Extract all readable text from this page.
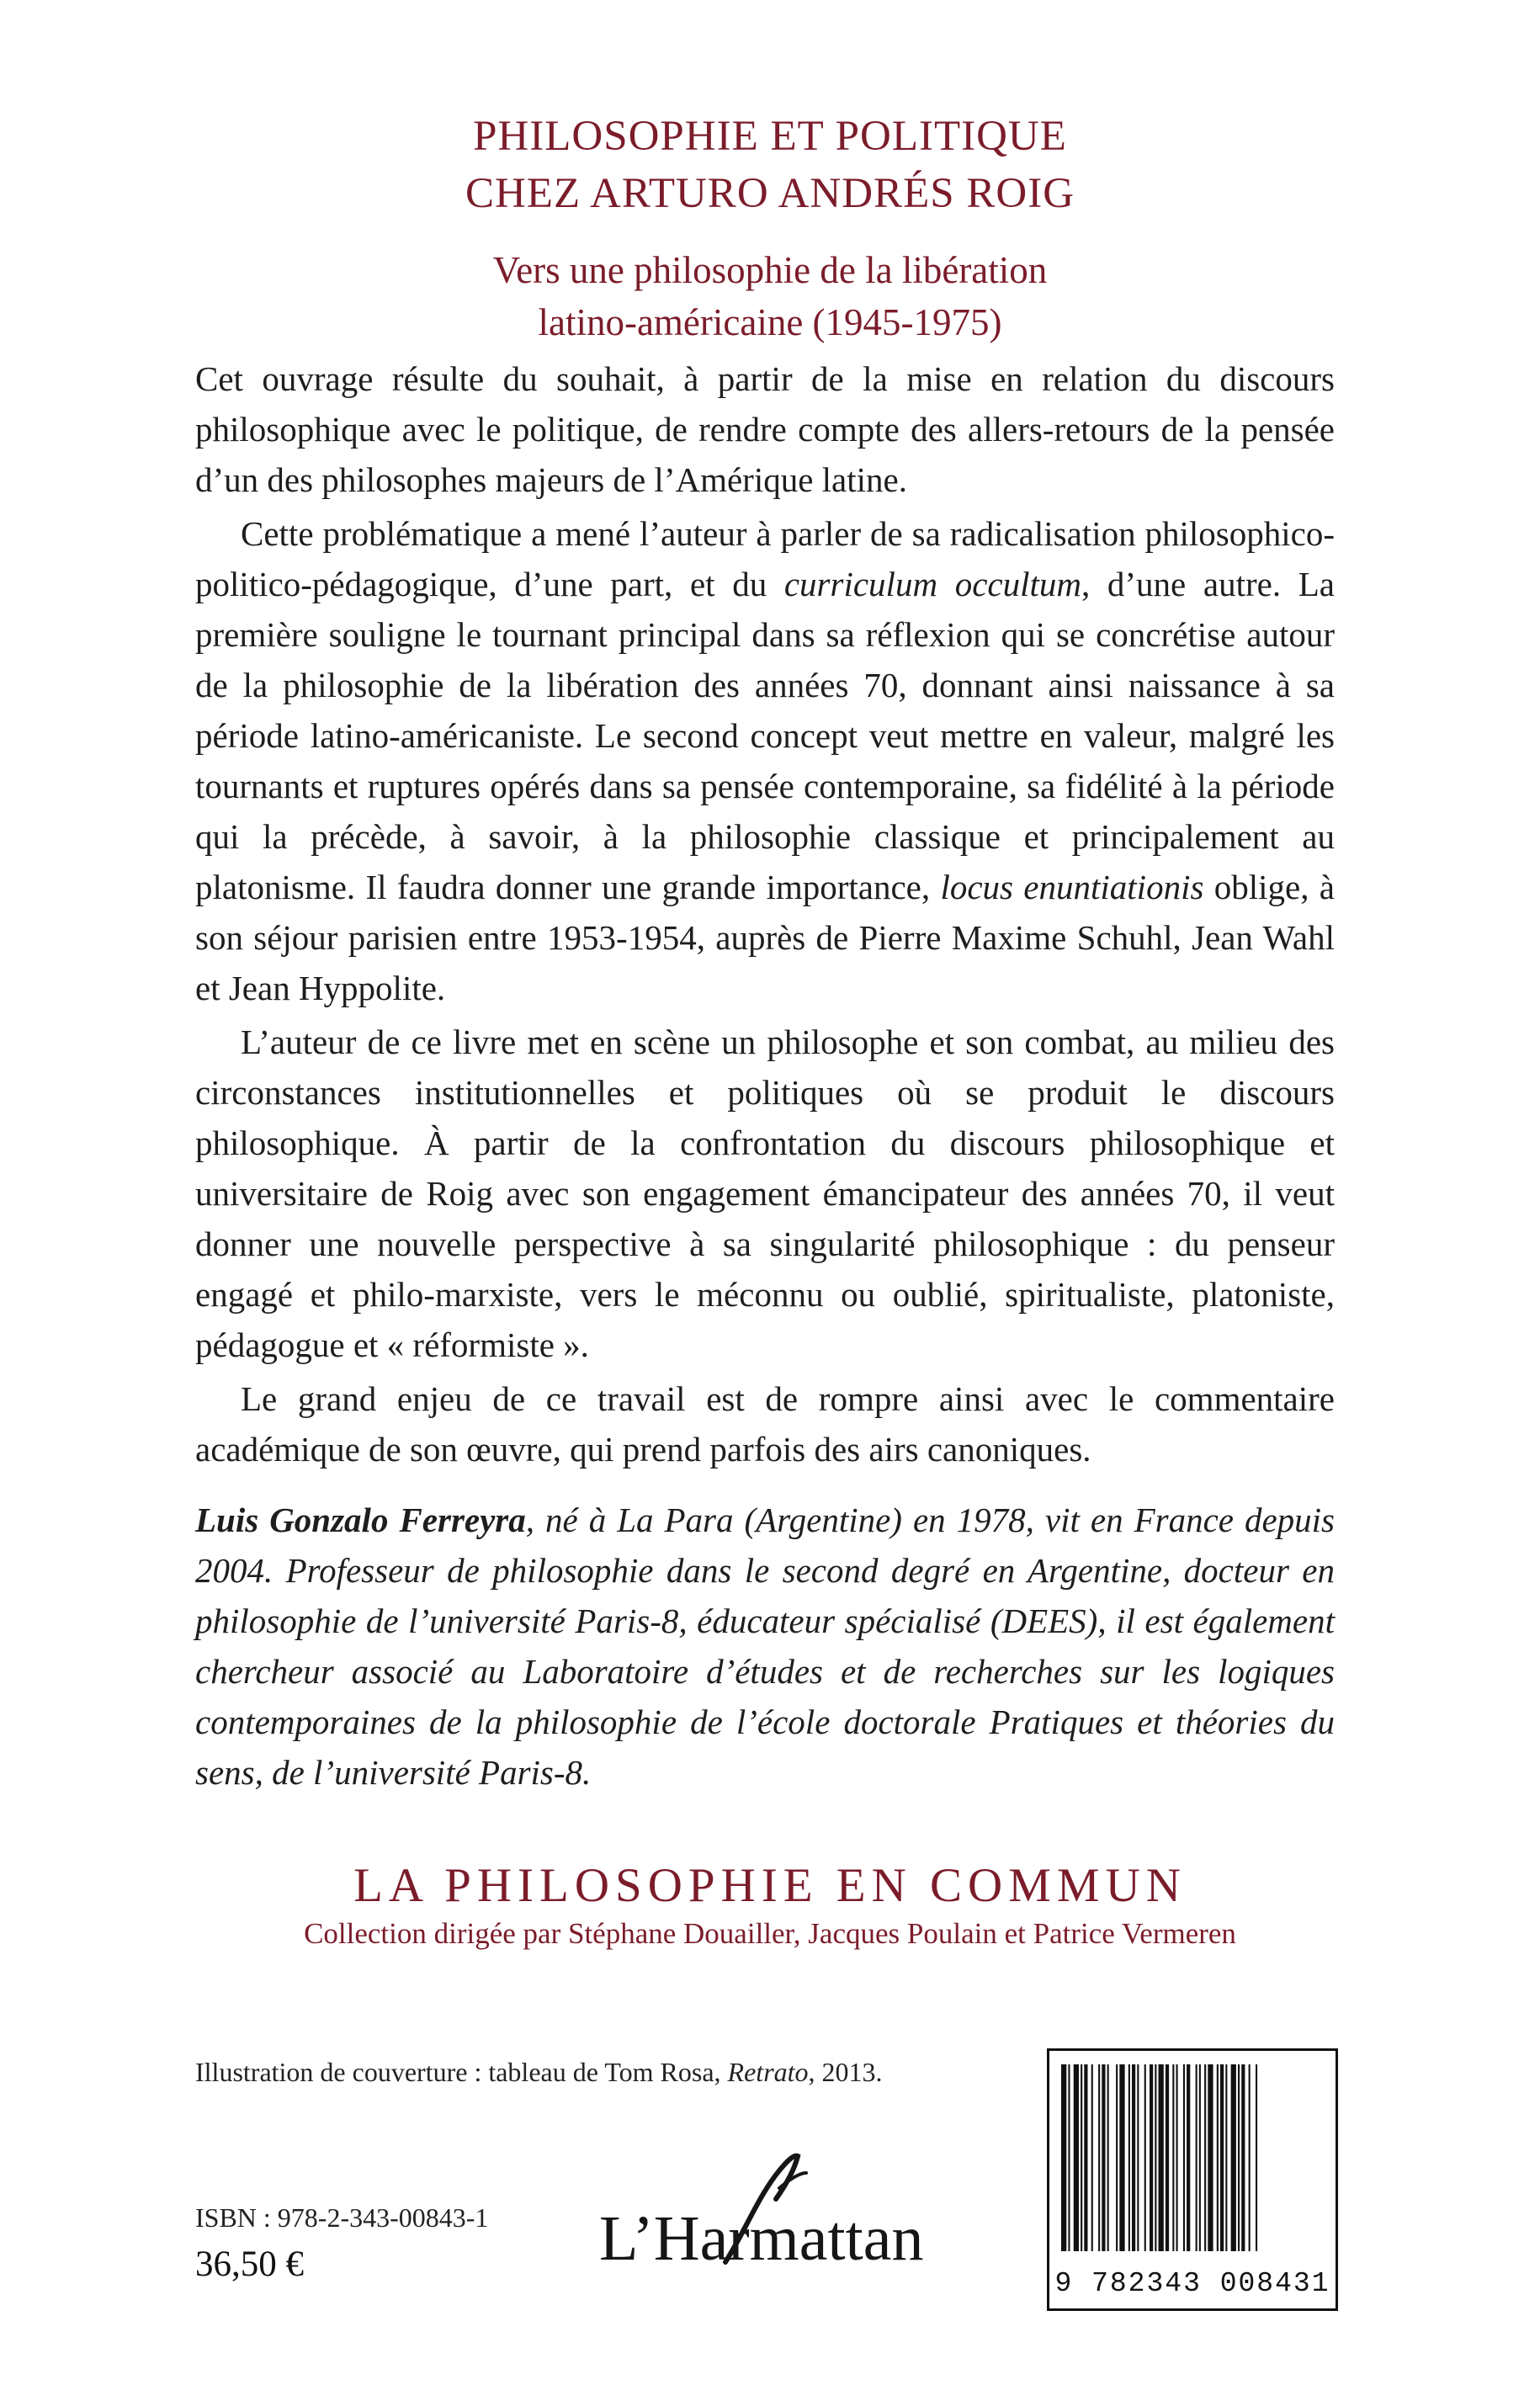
PHILOSOPHIE ET POLITIQUE
CHEZ ARTURO ANDRÉS ROIG
Vers une philosophie de la libération
latino-américaine (1945-1975)

Cet ouvrage résulte du souhait, à partir de la mise en relation du discours philosophique avec le politique, de rendre compte des allers-retours de la pensée d’un des philosophes majeurs de l’Amérique latine.

Cette problématique a mené l’auteur à parler de sa radicalisation philosophico-politico-pédagogique, d’une part, et du curriculum occultum, d’une autre. La première souligne le tournant principal dans sa réflexion qui se concrétise autour de la philosophie de la libération des années 70, donnant ainsi naissance à sa période latino-américaniste. Le second concept veut mettre en valeur, malgré les tournants et ruptures opérés dans sa pensée contemporaine, sa fidélité à la période qui la précède, à savoir, à la philosophie classique et principalement au platonisme. Il faudra donner une grande importance, locus enuntiationis oblige, à son séjour parisien entre 1953-1954, auprès de Pierre Maxime Schuhl, Jean Wahl et Jean Hyppolite.

L’auteur de ce livre met en scène un philosophe et son combat, au milieu des circonstances institutionnelles et politiques où se produit le discours philosophique. À partir de la confrontation du discours philosophique et universitaire de Roig avec son engagement émancipateur des années 70, il veut donner une nouvelle perspective à sa singularité philosophique : du penseur engagé et philo-marxiste, vers le méconnu ou oublié, spiritualiste, platoniste, pédagogue et « réformiste ».

Le grand enjeu de ce travail est de rompre ainsi avec le commentaire académique de son œuvre, qui prend parfois des airs canoniques.

Luis Gonzalo Ferreyra, né à La Para (Argentine) en 1978, vit en France depuis 2004. Professeur de philosophie dans le second degré en Argentine, docteur en philosophie de l’université Paris-8, éducateur spécialisé (DEES), il est également chercheur associé au Laboratoire d’études et de recherches sur les logiques contemporaines de la philosophie de l’école doctorale Pratiques et théories du sens, de l’université Paris-8.
LA PHILOSOPHIE EN COMMUN
Collection dirigée par Stéphane Douailler, Jacques Poulain et Patrice Vermeren
Illustration de couverture : tableau de Tom Rosa, Retrato, 2013.
ISBN : 978-2-343-00843-1
36,50 €	L’Harmattan
9 782343 008431
